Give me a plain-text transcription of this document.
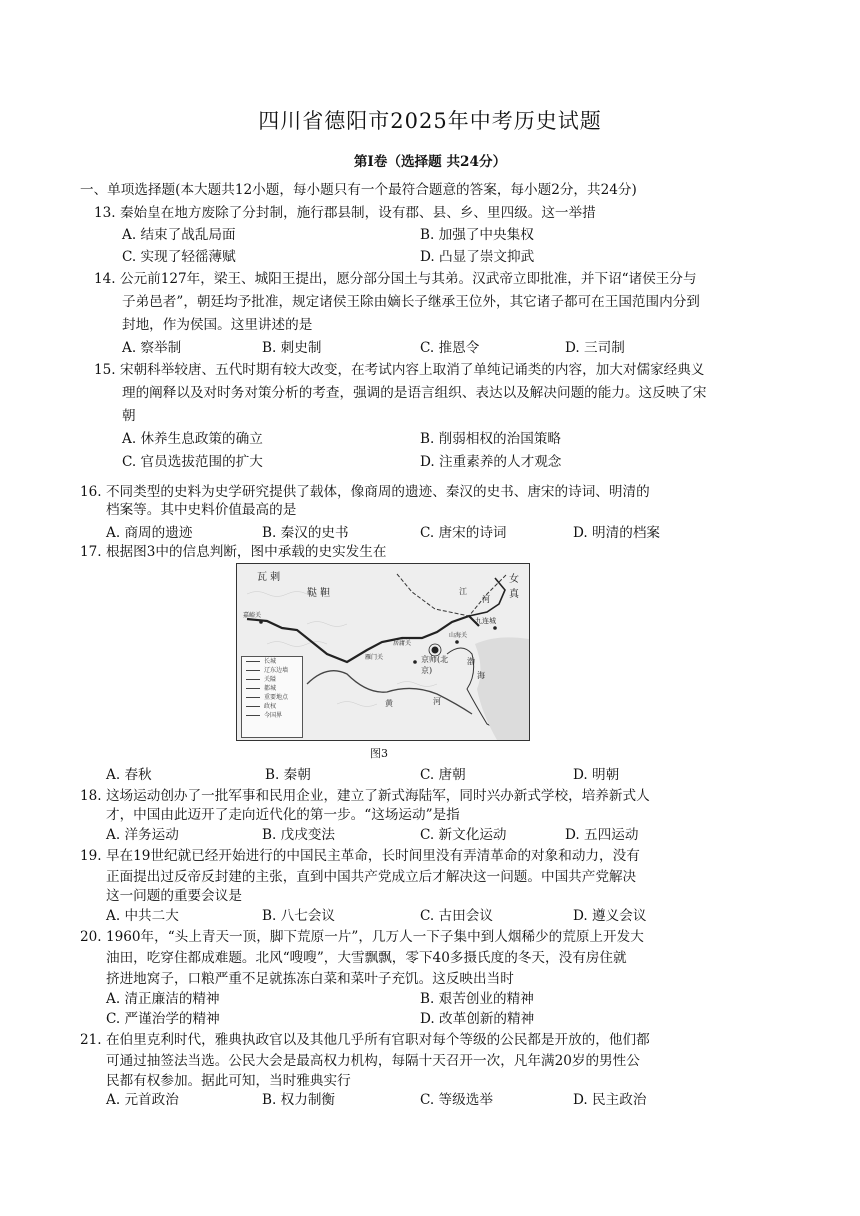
四川省德阳市2025年中考历史试题
第Ⅰ卷（选择题 共24分）
一、单项选择题(本大题共12小题，每小题只有一个最符合题意的答案，每小题2分，共24分)
13. 秦始皇在地方废除了分封制，施行郡县制，设有郡、县、乡、里四级。这一举措
A. 结束了战乱局面	B. 加强了中央集权
C. 实现了轻徭薄赋	D. 凸显了崇文抑武
14. 公元前127年，梁王、城阳王提出，愿分部分国土与其弟。汉武帝立即批准，并下诏“诸侯王分与
子弟邑者”，朝廷均予批准，规定诸侯王除由嫡长子继承王位外，其它诸子都可在王国范围内分到
封地，作为侯国。这里讲述的是
A. 察举制	B. 刺史制	C. 推恩令	D. 三司制
15. 宋朝科举较唐、五代时期有较大改变，在考试内容上取消了单纯记诵类的内容，加大对儒家经典义
理的阐释以及对时务对策分析的考查，强调的是语言组织、表达以及解决问题的能力。这反映了宋
朝
A. 休养生息政策的确立	B. 削弱相权的治国策略
C. 官员选拔范围的扩大	D. 注重素养的人才观念
16. 不同类型的史料为史学研究提供了载体，像商周的遗迹、秦汉的史书、唐宋的诗词、明清的
档案等。其中史料价值最高的是
A. 商周的遗迹	B. 秦汉的史书	C. 唐宋的诗词	D. 明清的档案
17. 根据图3中的信息判断，图中承载的史实发生在
瓦 剌
鞑 靼
女真
江
河
山海关
九连城
京师(北京)
居庸关
雁门关	渤
海
黄	河
嘉峪关
长城
辽东边墙
关隘
都城
重要地点
政权
今国界
图3
A. 春秋	B. 秦朝	C. 唐朝	D. 明朝
18. 这场运动创办了一批军事和民用企业，建立了新式海陆军，同时兴办新式学校，培养新式人
才，中国由此迈开了走向近代化的第一步。“这场运动”是指
A. 洋务运动	B. 戊戌变法	C. 新文化运动	D. 五四运动
19. 早在19世纪就已经开始进行的中国民主革命，长时间里没有弄清革命的对象和动力，没有
正面提出过反帝反封建的主张，直到中国共产党成立后才解决这一问题。中国共产党解决
这一问题的重要会议是
A. 中共二大	B. 八七会议	C. 古田会议	D. 遵义会议
20. 1960年，“头上青天一顶，脚下荒原一片”，几万人一下子集中到人烟稀少的荒原上开发大
油田，吃穿住都成难题。北风“嗖嗖”，大雪飘飘，零下40多摄氏度的冬天，没有房住就
挤进地窝子，口粮严重不足就拣冻白菜和菜叶子充饥。这反映出当时
A. 清正廉洁的精神	B. 艰苦创业的精神
C. 严谨治学的精神	D. 改革创新的精神
21. 在伯里克利时代，雅典执政官以及其他几乎所有官职对每个等级的公民都是开放的，他们都
可通过抽签法当选。公民大会是最高权力机构，每隔十天召开一次，凡年满20岁的男性公
民都有权参加。据此可知，当时雅典实行
A. 元首政治	B. 权力制衡	C. 等级选举	D. 民主政治
